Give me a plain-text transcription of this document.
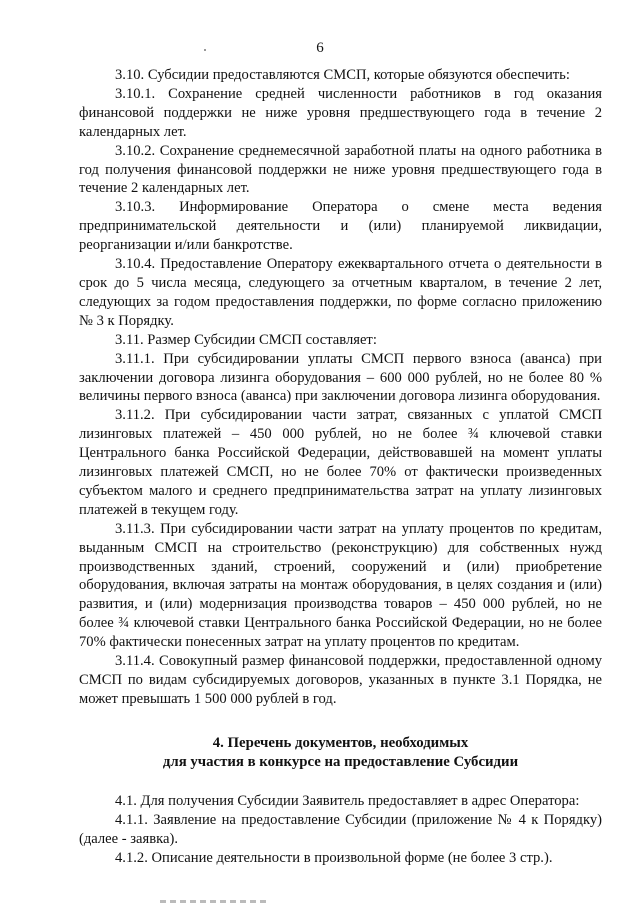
6

3.10. Субсидии предоставляются СМСП, которые обязуются обеспечить:

3.10.1. Сохранение средней численности работников в год оказания финансовой поддержки не ниже уровня предшествующего года в течение 2 календарных лет.

3.10.2. Сохранение среднемесячной заработной платы на одного работника в год получения финансовой поддержки не ниже уровня предшествующего года в течение 2 календарных лет.

3.10.3. Информирование Оператора о смене места ведения предпринимательской деятельности и (или) планируемой ликвидации, реорганизации и/или банкротстве.

3.10.4. Предоставление Оператору ежеквартального отчета о деятельности в срок до 5 числа месяца, следующего за отчетным кварталом, в течение 2 лет, следующих за годом предоставления поддержки, по форме согласно приложению № 3 к Порядку.

3.11. Размер Субсидии СМСП составляет:

3.11.1. При субсидировании уплаты СМСП первого взноса (аванса) при заключении договора лизинга оборудования – 600 000 рублей, но не более 80 % величины первого взноса (аванса) при заключении договора лизинга оборудования.

3.11.2. При субсидировании части затрат, связанных с уплатой СМСП лизинговых платежей – 450 000 рублей, но не более ¾ ключевой ставки Центрального банка Российской Федерации, действовавшей на момент уплаты лизинговых платежей СМСП, но не более 70% от фактически произведенных субъектом малого и среднего предпринимательства затрат на уплату лизинговых платежей в текущем году.

3.11.3. При субсидировании части затрат на уплату процентов по кредитам, выданным СМСП на строительство (реконструкцию) для собственных нужд производственных зданий, строений, сооружений и (или) приобретение оборудования, включая затраты на монтаж оборудования, в целях создания и (или) развития, и (или) модернизация производства товаров – 450 000 рублей, но не более ¾ ключевой ставки Центрального банка Российской Федерации, но не более 70% фактически понесенных затрат на уплату процентов по кредитам.

3.11.4. Совокупный размер финансовой поддержки, предоставленной одному СМСП по видам субсидируемых договоров, указанных в пункте 3.1 Порядка, не может превышать 1 500 000 рублей в год.

4. Перечень документов, необходимых
для участия в конкурсе на предоставление Субсидии

4.1. Для получения Субсидии Заявитель предоставляет в адрес Оператора:

4.1.1. Заявление на предоставление Субсидии (приложение № 4 к Порядку) (далее - заявка).

4.1.2. Описание деятельности в произвольной форме (не более 3 стр.).
